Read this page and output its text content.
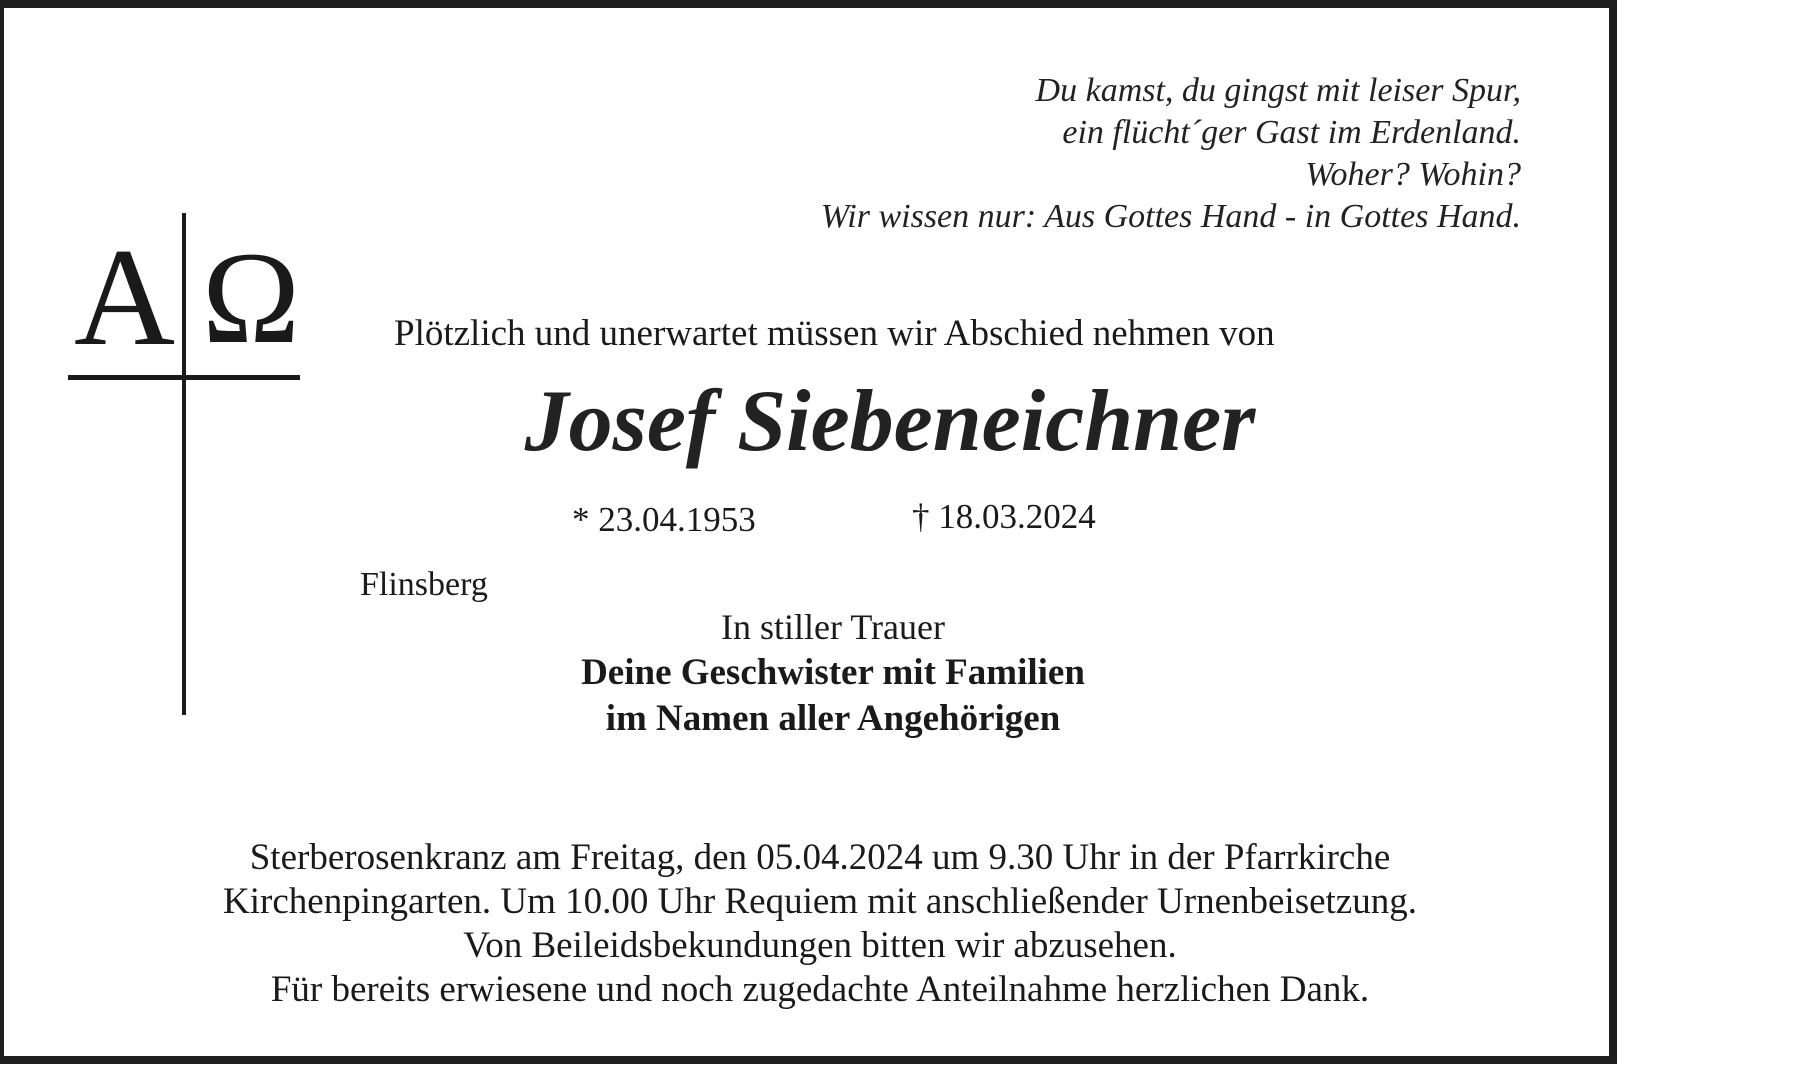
Du kamst, du gingst mit leiser Spur,
ein flücht´ger Gast im Erdenland.
Woher? Wohin?
Wir wissen nur: Aus Gottes Hand - in Gottes Hand.
A Ω	Plötzlich und unerwartet müssen wir Abschied nehmen von
Josef Siebeneichner
* 23.04.1953	† 18.03.2024
Flinsberg
In stiller Trauer
Deine Geschwister mit Familien
im Namen aller Angehörigen
Sterberosenkranz am Freitag, den 05.04.2024 um 9.30 Uhr in der Pfarrkirche
Kirchenpingarten. Um 10.00 Uhr Requiem mit anschließender Urnenbeisetzung.
Von Beileidsbekundungen bitten wir abzusehen.
Für bereits erwiesene und noch zugedachte Anteilnahme herzlichen Dank.
